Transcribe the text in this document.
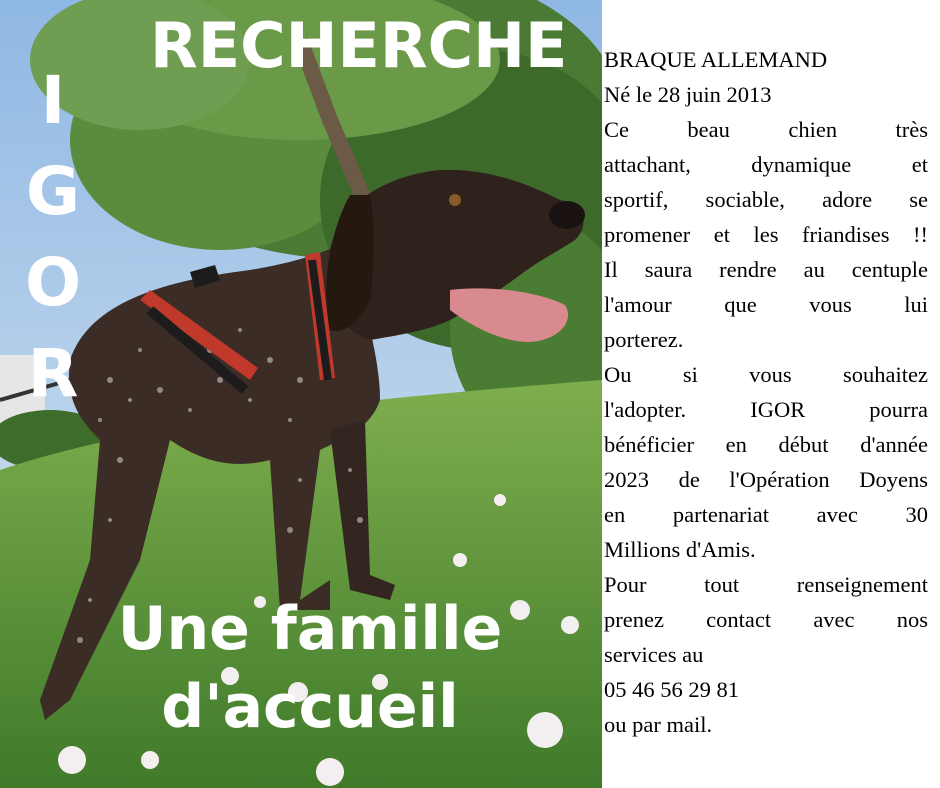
RECHERCHE
I
G
O
R
Une famille
d'accueil
BRAQUE ALLEMAND
Né le 28 juin 2013
Ce beau chien très
attachant, dynamique et
sportif, sociable, adore se
promener et les friandises !!
Il saura rendre au centuple
l'amour que vous lui
porterez.
Ou si vous souhaitez
l'adopter. IGOR pourra
bénéficier en début d'année
2023 de l'Opération Doyens
en partenariat avec 30
Millions d'Amis.
Pour tout renseignement
prenez contact avec nos
services au
05 46 56 29 81
ou par mail.
